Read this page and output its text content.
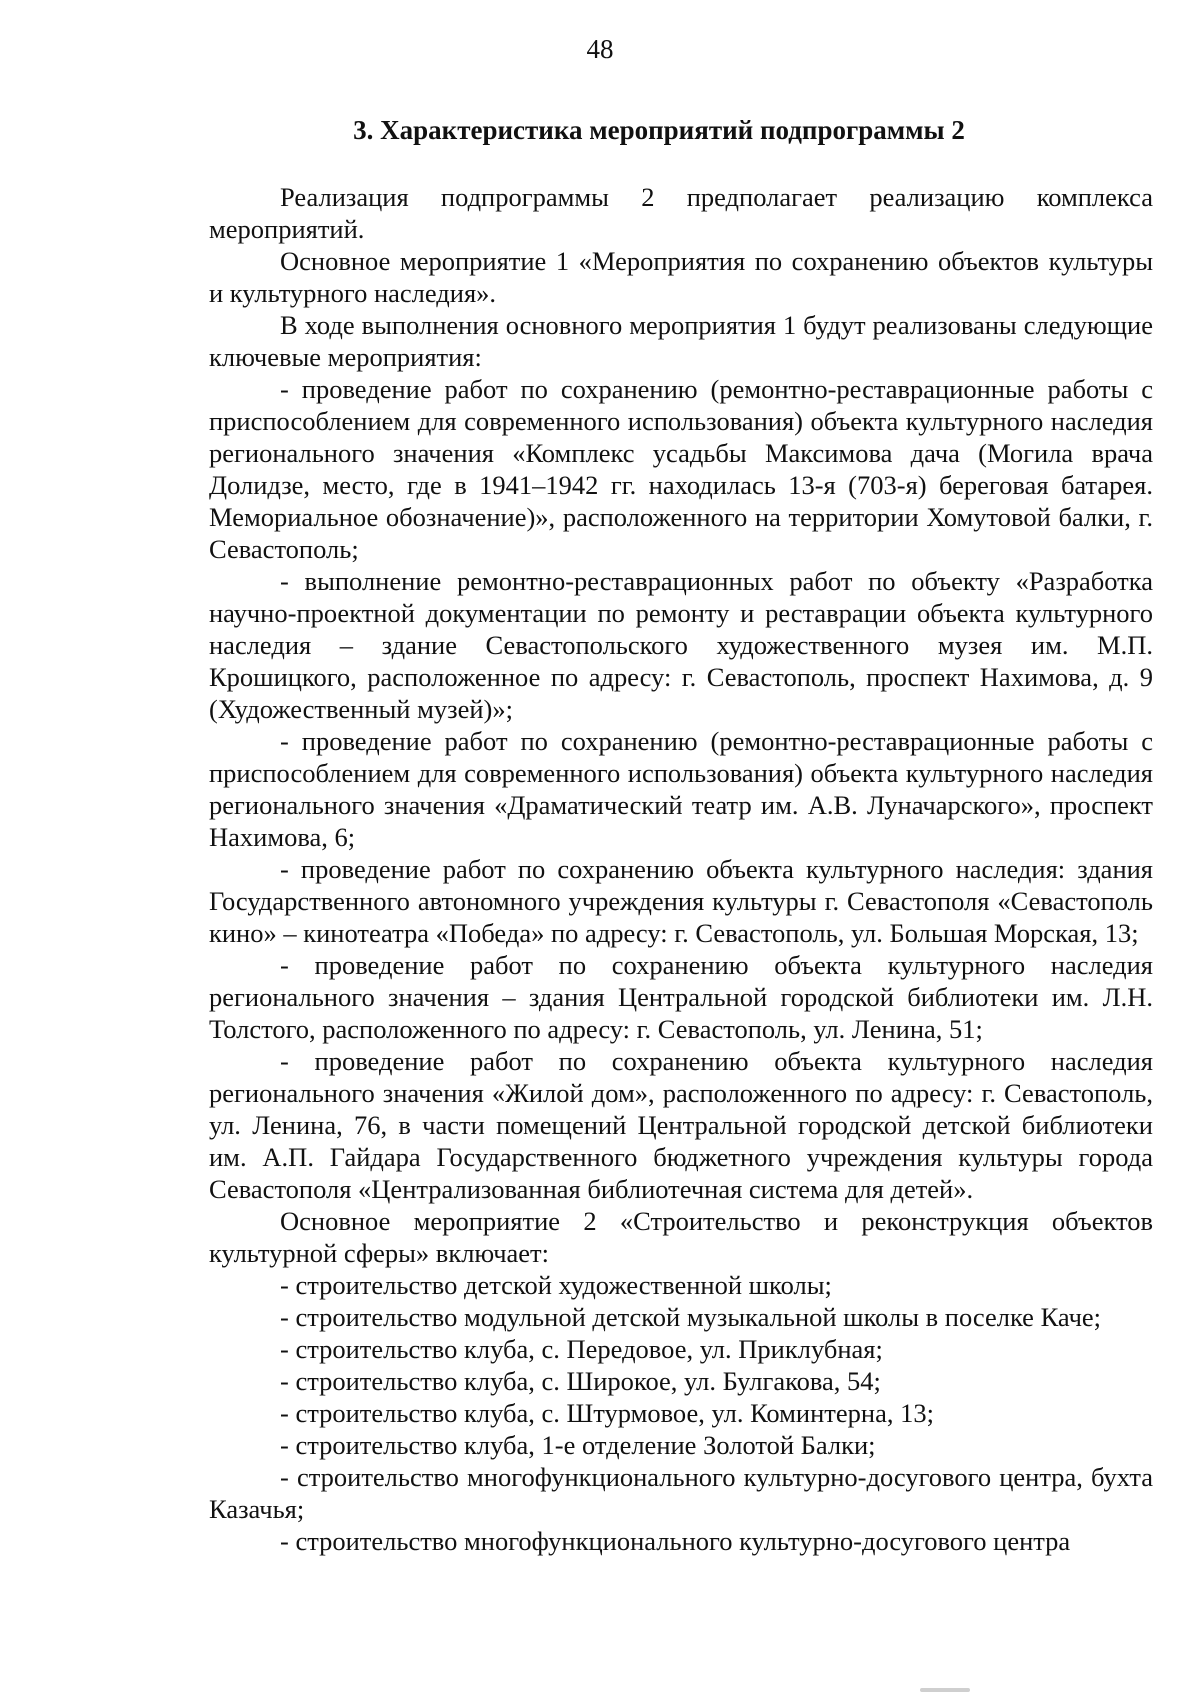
48
3. Характеристика мероприятий подпрограммы 2

Реализация подпрограммы 2 предполагает реализацию комплекса мероприятий.

Основное мероприятие 1 «Мероприятия по сохранению объектов культуры и культурного наследия».

В ходе выполнения основного мероприятия 1 будут реализованы следующие ключевые мероприятия:

- проведение работ по сохранению (ремонтно-реставрационные работы с приспособлением для современного использования) объекта культурного наследия регионального значения «Комплекс усадьбы Максимова дача (Могила врача Долидзе, место, где в 1941–1942 гг. находилась 13-я (703-я) береговая батарея. Мемориальное обозначение)», расположенного на территории Хомутовой балки, г. Севастополь;

- выполнение ремонтно-реставрационных работ по объекту «Разработка научно-проектной документации по ремонту и реставрации объекта культурного наследия – здание Севастопольского художественного музея им. М.П. Крошицкого, расположенное по адресу: г. Севастополь, проспект Нахимова, д. 9 (Художественный музей)»;

- проведение работ по сохранению (ремонтно-реставрационные работы с приспособлением для современного использования) объекта культурного наследия регионального значения «Драматический театр им. А.В. Луначарского», проспект Нахимова, 6;

- проведение работ по сохранению объекта культурного наследия: здания Государственного автономного учреждения культуры г. Севастополя «Севастополь кино» – кинотеатра «Победа» по адресу: г. Севастополь, ул. Большая Морская, 13;

- проведение работ по сохранению объекта культурного наследия регионального значения – здания Центральной городской библиотеки им. Л.Н. Толстого, расположенного по адресу: г. Севастополь, ул. Ленина, 51;

- проведение работ по сохранению объекта культурного наследия регионального значения «Жилой дом», расположенного по адресу: г. Севастополь, ул. Ленина, 76, в части помещений Центральной городской детской библиотеки им. А.П. Гайдара Государственного бюджетного учреждения культуры города Севастополя «Централизованная библиотечная система для детей».

Основное мероприятие 2 «Строительство и реконструкция объектов культурной сферы» включает:

- строительство детской художественной школы;

- строительство модульной детской музыкальной школы в поселке Каче;

- строительство клуба, с. Передовое, ул. Приклубная;

- строительство клуба, с. Широкое, ул. Булгакова, 54;

- строительство клуба, с. Штурмовое, ул. Коминтерна, 13;

- строительство клуба, 1-е отделение Золотой Балки;

- строительство многофункционального культурно-досугового центра, бухта Казачья;

- строительство многофункционального культурно-досугового центра
